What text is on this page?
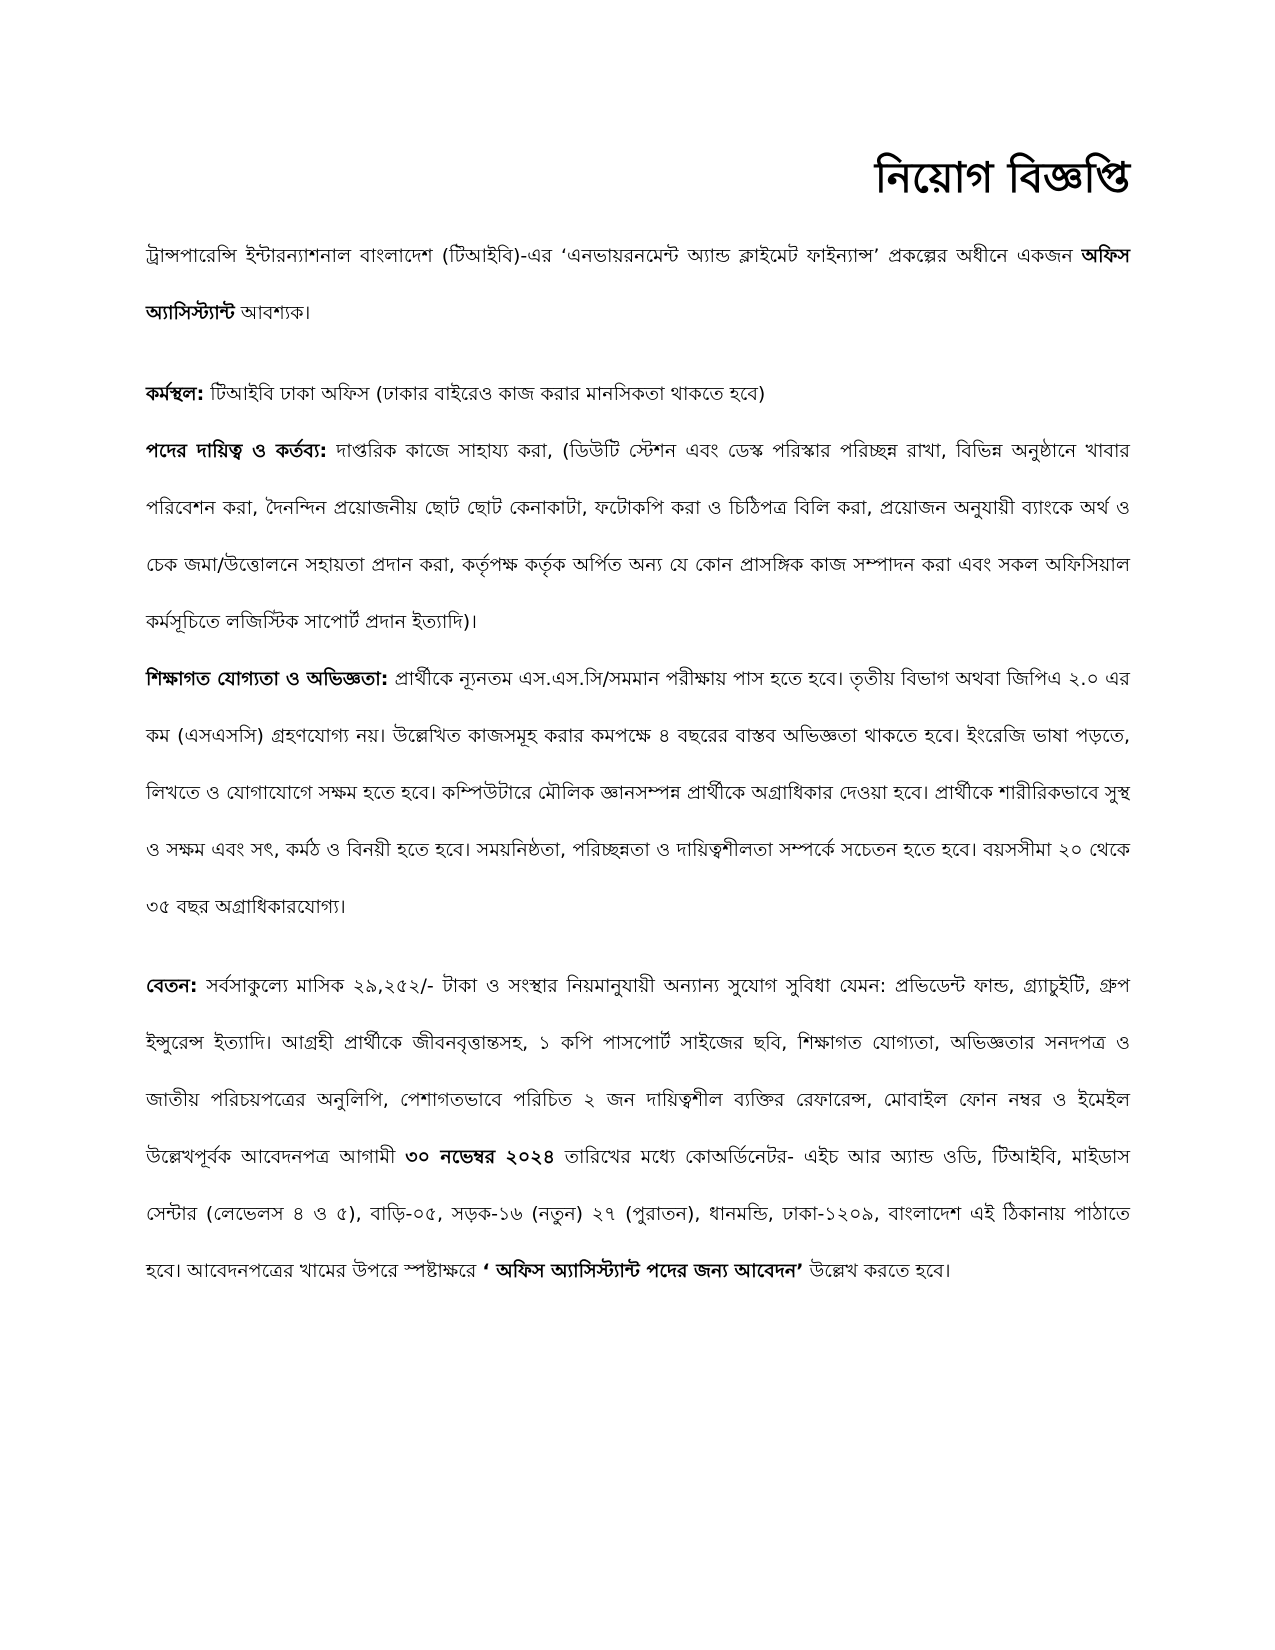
নিয়োগ বিজ্ঞপ্তি

ট্রান্সপারেন্সি ইন্টারন্যাশনাল বাংলাদেশ (টিআইবি)-এর ‘এনভায়রনমেন্ট অ্যান্ড ক্লাইমেট ফাইন্যান্স’ প্রকল্পের অধীনে একজন অফিস অ্যাসিস্ট্যান্ট আবশ্যক।

কর্মস্থল: টিআইবি ঢাকা অফিস (ঢাকার বাইরেও কাজ করার মানসিকতা থাকতে হবে)

পদের দায়িত্ব ও কর্তব্য: দাপ্তরিক কাজে সাহায্য করা, (ডিউটি স্টেশন এবং ডেস্ক পরিস্কার পরিচ্ছন্ন রাখা, বিভিন্ন অনুষ্ঠানে খাবার পরিবেশন করা, দৈনন্দিন প্রয়োজনীয় ছোট ছোট কেনাকাটা, ফটোকপি করা ও চিঠিপত্র বিলি করা, প্রয়োজন অনুযায়ী ব্যাংকে অর্থ ও চেক জমা/উত্তোলনে সহায়তা প্রদান করা, কর্তৃপক্ষ কর্তৃক অর্পিত অন্য যে কোন প্রাসঙ্গিক কাজ সম্পাদন করা এবং সকল অফিসিয়াল কর্মসূচিতে লজিস্টিক সাপোর্ট প্রদান ইত্যাদি)।

শিক্ষাগত যোগ্যতা ও অভিজ্ঞতা: প্রার্থীকে ন্যূনতম এস.এস.সি/সমমান পরীক্ষায় পাস হতে হবে। তৃতীয় বিভাগ অথবা জিপিএ ২.০ এর কম (এসএসসি) গ্রহণযোগ্য নয়। উল্লেখিত কাজসমূহ করার কমপক্ষে ৪ বছরের বাস্তব অভিজ্ঞতা থাকতে হবে। ইংরেজি ভাষা পড়তে, লিখতে ও যোগাযোগে সক্ষম হতে হবে। কম্পিউটারে মৌলিক জ্ঞানসম্পন্ন প্রার্থীকে অগ্রাধিকার দেওয়া হবে। প্রার্থীকে শারীরিকভাবে সুস্থ ও সক্ষম এবং সৎ, কর্মঠ ও বিনয়ী হতে হবে। সময়নিষ্ঠতা, পরিচ্ছন্নতা ও দায়িত্বশীলতা সম্পর্কে সচেতন হতে হবে। বয়সসীমা ২০ থেকে ৩৫ বছর অগ্রাধিকারযোগ্য।

বেতন: সর্বসাকুল্যে মাসিক ২৯,২৫২/- টাকা ও সংস্থার নিয়মানুযায়ী অন্যান্য সুযোগ সুবিধা যেমন: প্রভিডেন্ট ফান্ড, গ্র্যাচুইটি, গ্রুপ ইন্সুরেন্স ইত্যাদি। আগ্রহী প্রার্থীকে জীবনবৃত্তান্তসহ, ১ কপি পাসপোর্ট সাইজের ছবি, শিক্ষাগত যোগ্যতা, অভিজ্ঞতার সনদপত্র ও জাতীয় পরিচয়পত্রের অনুলিপি, পেশাগতভাবে পরিচিত ২ জন দায়িত্বশীল ব্যক্তির রেফারেন্স, মোবাইল ফোন নম্বর ও ইমেইল উল্লেখপূর্বক আবেদনপত্র আগামী ৩০ নভেম্বর ২০২৪ তারিখের মধ্যে কোঅর্ডিনেটর- এইচ আর অ্যান্ড ওডি, টিআইবি, মাইডাস সেন্টার (লেভেলস ৪ ও ৫), বাড়ি-০৫, সড়ক-১৬ (নতুন) ২৭ (পুরাতন), ধানমন্ডি, ঢাকা-১২০৯, বাংলাদেশ এই ঠিকানায় পাঠাতে হবে। আবেদনপত্রের খামের উপরে স্পষ্টাক্ষরে ‘ অফিস অ্যাসিস্ট্যান্ট পদের জন্য আবেদন’ উল্লেখ করতে হবে।
